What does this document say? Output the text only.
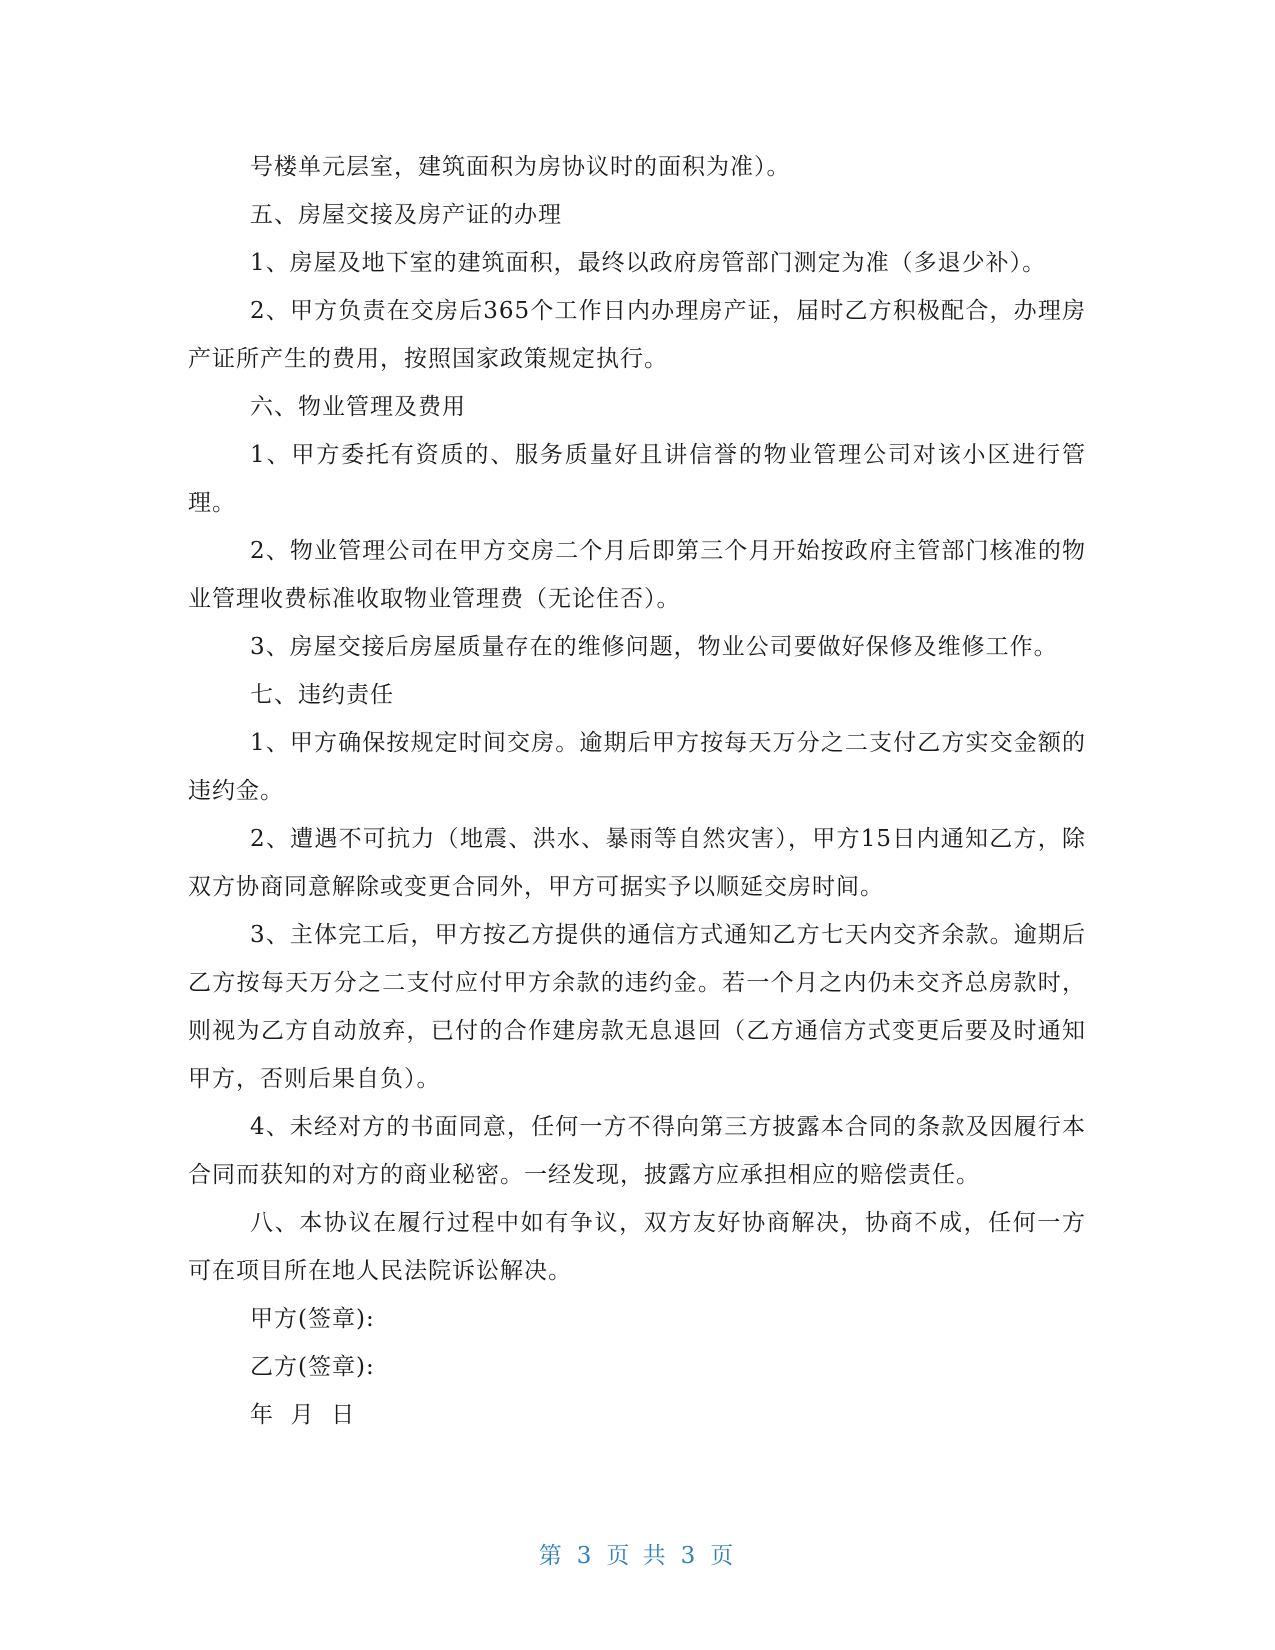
号楼单元层室，建筑面积为房协议时的面积为准）。

五、房屋交接及房产证的办理

1、房屋及地下室的建筑面积，最终以政府房管部门测定为准（多退少补）。

2、甲方负责在交房后365个工作日内办理房产证，届时乙方积极配合，办理房产证所产生的费用，按照国家政策规定执行。

六、物业管理及费用

1、甲方委托有资质的、服务质量好且讲信誉的物业管理公司对该小区进行管理。

2、物业管理公司在甲方交房二个月后即第三个月开始按政府主管部门核准的物业管理收费标准收取物业管理费（无论住否）。

3、房屋交接后房屋质量存在的维修问题，物业公司要做好保修及维修工作。

七、违约责任

1、甲方确保按规定时间交房。逾期后甲方按每天万分之二支付乙方实交金额的违约金。

2、遭遇不可抗力（地震、洪水、暴雨等自然灾害），甲方15日内通知乙方，除双方协商同意解除或变更合同外，甲方可据实予以顺延交房时间。

3、主体完工后，甲方按乙方提供的通信方式通知乙方七天内交齐余款。逾期后乙方按每天万分之二支付应付甲方余款的违约金。若一个月之内仍未交齐总房款时，则视为乙方自动放弃，已付的合作建房款无息退回（乙方通信方式变更后要及时通知甲方，否则后果自负）。

4、未经对方的书面同意，任何一方不得向第三方披露本合同的条款及因履行本合同而获知的对方的商业秘密。一经发现，披露方应承担相应的赔偿责任。

八、本协议在履行过程中如有争议，双方友好协商解决，协商不成，任何一方可在项目所在地人民法院诉讼解决。

甲方(签章):

乙方(签章):

年  月  日

第 3 页 共 3 页
